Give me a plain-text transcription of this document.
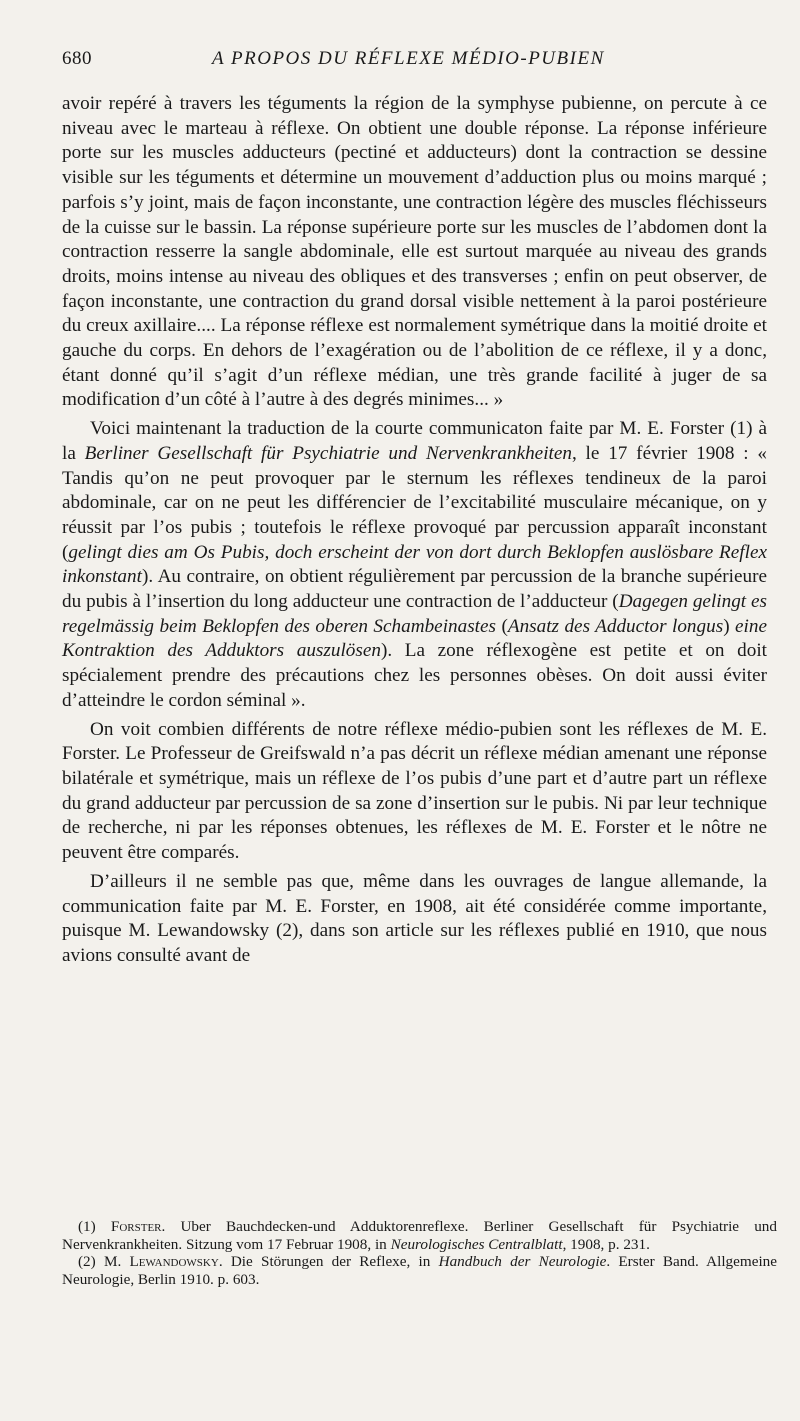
680	A PROPOS DU RÉFLEXE MÉDIO-PUBIEN

avoir repéré à travers les téguments la région de la symphyse pubienne, on percute à ce niveau avec le marteau à réflexe. On obtient une double réponse. La réponse inférieure porte sur les muscles adducteurs (pectiné et adducteurs) dont la contraction se dessine visible sur les téguments et détermine un mouvement d’adduction plus ou moins marqué ; parfois s’y joint, mais de façon inconstante, une contraction légère des muscles fléchisseurs de la cuisse sur le bassin. La réponse supérieure porte sur les muscles de l’abdomen dont la contraction resserre la sangle abdominale, elle est surtout marquée au niveau des grands droits, moins intense au niveau des obliques et des transverses ; enfin on peut observer, de façon inconstante, une contraction du grand dorsal visible nettement à la paroi postérieure du creux axillaire.... La réponse réflexe est normalement symétrique dans la moitié droite et gauche du corps. En dehors de l’exagération ou de l’abolition de ce réflexe, il y a donc, étant donné qu’il s’agit d’un réflexe médian, une très grande facilité à juger de sa modification d’un côté à l’autre à des degrés minimes... »

Voici maintenant la traduction de la courte communicaton faite par M. E. Forster (1) à la Berliner Gesellschaft für Psychiatrie und Nervenkrankheiten, le 17 février 1908 : « Tandis qu’on ne peut provoquer par le sternum les réflexes tendineux de la paroi abdominale, car on ne peut les différencier de l’excitabilité musculaire mécanique, on y réussit par l’os pubis ; toutefois le réflexe provoqué par percussion apparaît inconstant (gelingt dies am Os Pubis, doch erscheint der von dort durch Beklopfen auslösbare Reflex inkonstant). Au contraire, on obtient régulièrement par percussion de la branche supérieure du pubis à l’insertion du long adducteur une contraction de l’adducteur (Dagegen gelingt es regelmässig beim Beklopfen des oberen Schambeinastes (Ansatz des Adductor longus) eine Kontraktion des Adduktors auszulösen). La zone réflexogène est petite et on doit spécialement prendre des précautions chez les personnes obèses. On doit aussi éviter d’atteindre le cordon séminal ».

On voit combien différents de notre réflexe médio-pubien sont les réflexes de M. E. Forster. Le Professeur de Greifswald n’a pas décrit un réflexe médian amenant une réponse bilatérale et symétrique, mais un réflexe de l’os pubis d’une part et d’autre part un réflexe du grand adducteur par percussion de sa zone d’insertion sur le pubis. Ni par leur technique de recherche, ni par les réponses obtenues, les réflexes de M. E. Forster et le nôtre ne peuvent être comparés.

D’ailleurs il ne semble pas que, même dans les ouvrages de langue allemande, la communication faite par M. E. Forster, en 1908, ait été considérée comme importante, puisque M. Lewandowsky (2), dans son article sur les réflexes publié en 1910, que nous avions consulté avant de

(1) Forster. Uber Bauchdecken-und Adduktorenreflexe. Berliner Gesellschaft für Psychiatrie und Nervenkrankheiten. Sitzung vom 17 Februar 1908, in Neurologisches Centralblatt, 1908, p. 231.

(2) M. Lewandowsky. Die Störungen der Reflexe, in Handbuch der Neurologie. Erster Band. Allgemeine Neurologie, Berlin 1910. p. 603.
